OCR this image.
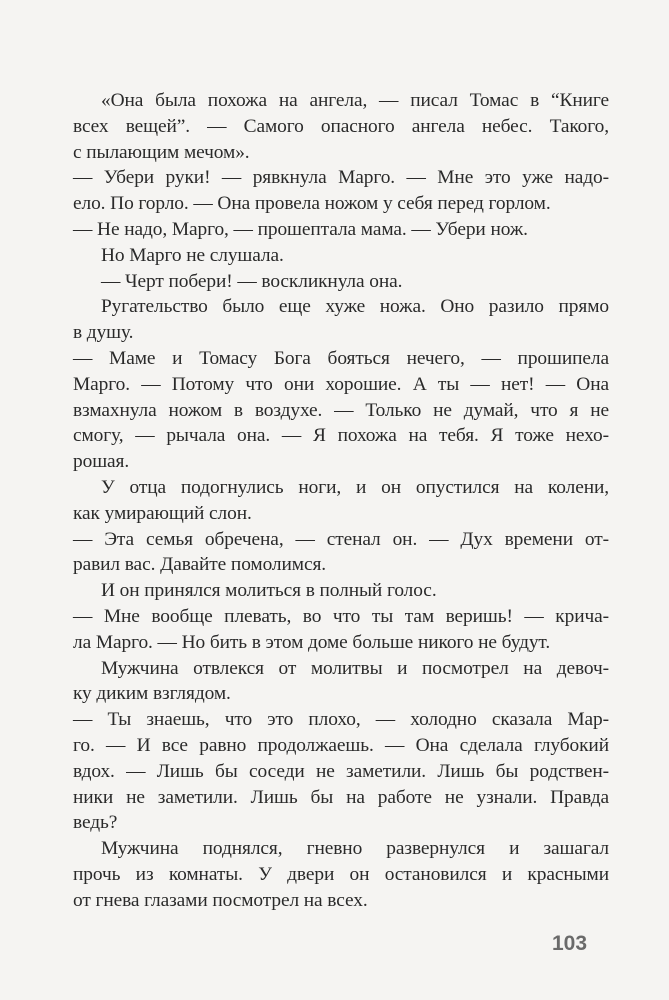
«Она была похожа на ангела, — писал Томас в “Книге
всех вещей”. — Самого опасного ангела небес. Такого,
с пылающим мечом».
— Убери руки! — рявкнула Марго. — Мне это уже надо-
ело. По горло. — Она провела ножом у себя перед горлом.
— Не надо, Марго, — прошептала мама. — Убери нож.
Но Марго не слушала.
— Черт побери! — воскликнула она.
Ругательство было еще хуже ножа. Оно разило прямо
в душу.
— Маме и Томасу Бога бояться нечего, — прошипела
Марго. — Потому что они хорошие. А ты — нет! — Она
взмахнула ножом в воздухе. — Только не думай, что я не
смогу, — рычала она. — Я похожа на тебя. Я тоже нехо-
рошая.
У отца подогнулись ноги, и он опустился на колени,
как умирающий слон.
— Эта семья обречена, — стенал он. — Дух времени от-
равил вас. Давайте помолимся.
И он принялся молиться в полный голос.
— Мне вообще плевать, во что ты там веришь! — крича-
ла Марго. — Но бить в этом доме больше никого не будут.
Мужчина отвлекся от молитвы и посмотрел на девоч-
ку диким взглядом.
— Ты знаешь, что это плохо, — холодно сказала Мар-
го. — И все равно продолжаешь. — Она сделала глубокий
вдох. — Лишь бы соседи не заметили. Лишь бы родствен-
ники не заметили. Лишь бы на работе не узнали. Правда
ведь?
Мужчина поднялся, гневно развернулся и зашагал
прочь из комнаты. У двери он остановился и красными
от гнева глазами посмотрел на всех.
103
